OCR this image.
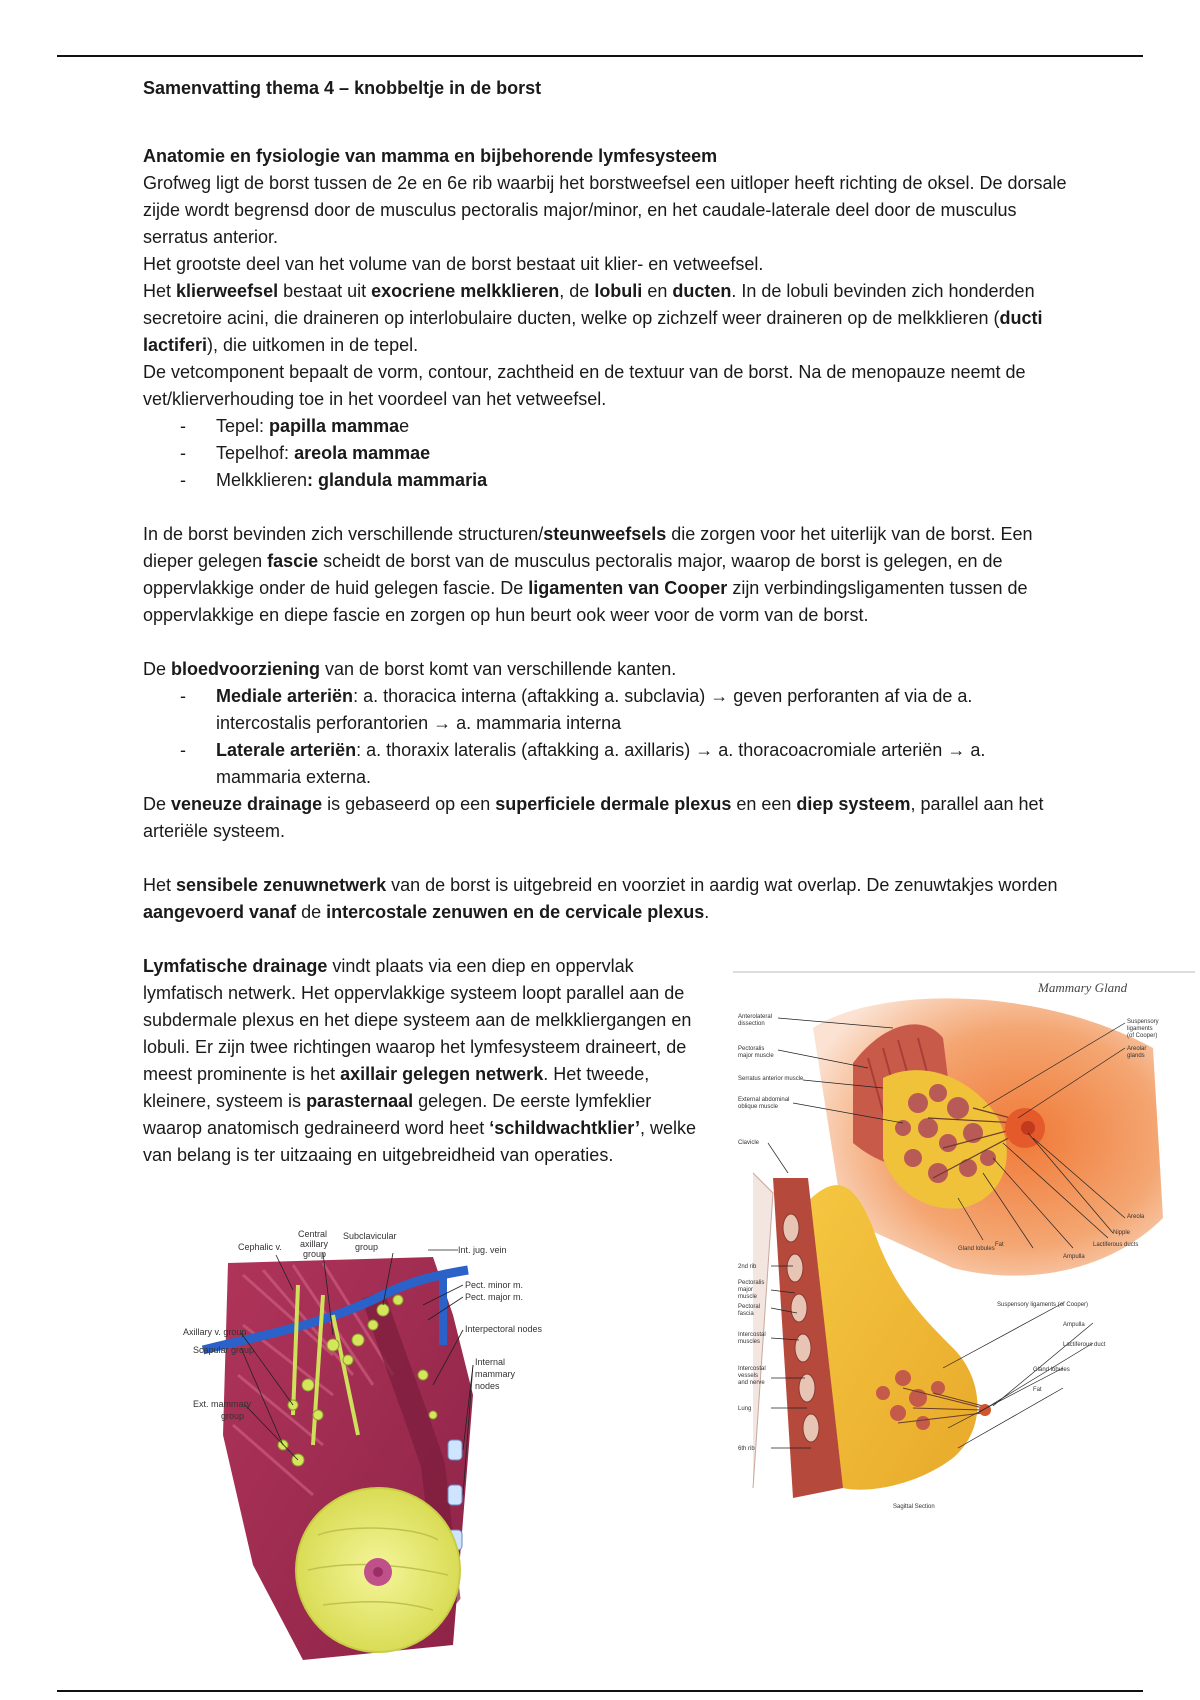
Samenvatting thema 4 – knobbeltje in de borst

Anatomie en fysiologie van mamma en bijbehorende lymfesysteem

Grofweg ligt de borst tussen de 2e en 6e rib waarbij het borstweefsel een uitloper heeft richting de oksel. De dorsale zijde wordt begrensd door de musculus pectoralis major/minor, en het caudale-laterale deel door de musculus serratus anterior.

Het grootste deel van het volume van de borst bestaat uit klier- en vetweefsel.

Het klierweefsel bestaat uit exocriene melkklieren, de lobuli en ducten. In de lobuli bevinden zich honderden secretoire acini, die draineren op interlobulaire ducten, welke op zichzelf weer draineren op de melkklieren (ducti lactiferi), die uitkomen in de tepel.

De vetcomponent bepaalt de vorm, contour, zachtheid en de textuur van de borst. Na de menopauze neemt de vet/klierverhouding toe in het voordeel van het vetweefsel.

- Tepel: papilla mammae
- Tepelhof: areola mammae
- Melkklieren: glandula mammaria

In de borst bevinden zich verschillende structuren/steunweefsels die zorgen voor het uiterlijk van de borst. Een dieper gelegen fascie scheidt de borst van de musculus pectoralis major, waarop de borst is gelegen, en de oppervlakkige onder de huid gelegen fascie. De ligamenten van Cooper zijn verbindingsligamenten tussen de oppervlakkige en diepe fascie en zorgen op hun beurt ook weer voor de vorm van de borst.

De bloedvoorziening van de borst komt van verschillende kanten.

- Mediale arteriën: a. thoracica interna (aftakking a. subclavia) → geven perforanten af via de a. intercostalis perforantorien → a. mammaria interna
- Laterale arteriën: a. thoraxix lateralis (aftakking a. axillaris) → a. thoracoacromiale arteriën → a. mammaria externa.

De veneuze drainage is gebaseerd op een superficiele dermale plexus en een diep systeem, parallel aan het arteriële systeem.

Het sensibele zenuwnetwerk van de borst is uitgebreid en voorziet in aardig wat overlap. De zenuwtakjes worden aangevoerd vanaf de intercostale zenuwen en de cervicale plexus.

Lymfatische drainage vindt plaats via een diep en oppervlak lymfatisch netwerk. Het oppervlakkige systeem loopt parallel aan de subdermale plexus en het diepe systeem aan de melkkliergangen en lobuli. Er zijn twee richtingen waarop het lymfesysteem draineert, de meest prominente is het axillair gelegen netwerk. Het tweede, kleinere, systeem is parasternaal gelegen. De eerste lymfeklier waarop anatomisch gedraineerd word heet ‘schildwachtklier’, welke van belang is ter uitzaaing en uitgebreidheid van operaties.

Cephalic v.
Central
axillary
group
Subclavicular
group	Int. jug. vein
Pect. minor m.
Pect. major m.
Interpectoral nodes
Internal
mammary
nodes
Axillary v. group
Scapular group
Ext. mammary
group
Mammary Gland
Anterolateral
dissection
Pectoralis
major muscle
Serratus anterior muscle
External abdominal
oblique muscle
Clavicle
2nd rib
Pectoralis
major
muscle
Pectoral
fascia
Intercostal
muscles
Intercostal
vessels
and nerve
Lung
6th rib
Suspensory
ligaments
(of Cooper)
Areolar
glands
Areola
Nipple
Lactiferous ducts
Ampulla
Fat
Gland lobules
Suspensory ligaments (of Cooper)
Ampulla
Lactiferous duct
Gland lobules
Fat
Sagittal Section
